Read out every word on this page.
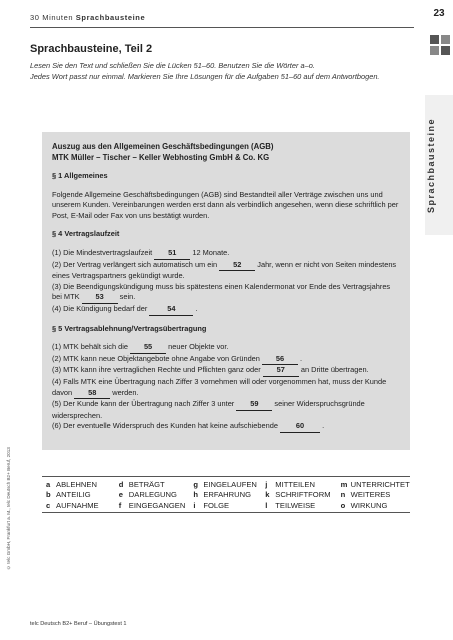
30 Minuten Sprachbausteine	23
Sprachbausteine
Sprachbausteine, Teil 2

Lesen Sie den Text und schließen Sie die Lücken 51–60. Benutzen Sie die Wörter a–o.

Jedes Wort passt nur einmal. Markieren Sie Ihre Lösungen für die Aufgaben 51–60 auf dem Antwortbogen.

Auszug aus den Allgemeinen Geschäftsbedingungen (AGB)

MTK Müller – Tischer – Keller Webhosting GmbH & Co. KG

§ 1 Allgemeines

Folgende Allgemeine Geschäftsbedingungen (AGB) sind Bestandteil aller Verträge zwischen uns und unserem Kunden. Vereinbarungen werden erst dann als verbindlich angesehen, wenn diese schriftlich per Post, E-Mail oder Fax von uns bestätigt wurden.

§ 4 Vertragslaufzeit

(1) Die Mindestvertragslaufzeit 51 12 Monate.

(2) Der Vertrag verlängert sich automatisch um ein 52 Jahr, wenn er nicht von Seiten mindestens eines Vertragspartners gekündigt wurde.

(3) Die Beendigungskündigung muss bis spätestens einen Kalendermonat vor Ende des Vertragsjahres bei MTK 53 sein.

(4) Die Kündigung bedarf der	54	.

§ 5 Vertragsablehnung/Vertragsübertragung

(1) MTK behält sich die 55 neuer Objekte vor.

(2) MTK kann neue Objektangebote ohne Angabe von Gründen 56 .

(3) MTK kann ihre vertraglichen Rechte und Pflichten ganz oder 57 an Dritte übertragen.

(4) Falls MTK eine Übertragung nach Ziffer 3 vornehmen will oder vorgenommen hat, muss der Kunde davon 58 werden.

(5) Der Kunde kann der Übertragung nach Ziffer 3 unter 59 seiner Widerspruchsgründe widersprechen.

(6) Der eventuelle Widerspruch des Kunden hat keine aufschiebende 60 .

a ABLEHNEN	d BETRÄGT	g EINGELAUFEN j	MITTEILEN	m UNTERRICHTET
b ANTEILIG	e DARLEGUNG h ERFAHRUNG k SCHRIFTFORM n WEITERES
c AUFNAHME	f EINGEGANGEN i	FOLGE	l	TEILWEISE	o WIRKUNG
© telc GmbH, Frankfurt a. M., telc Deutsch B2+ Beruf, 2013
telc Deutsch B2+ Beruf – Übungstest 1
